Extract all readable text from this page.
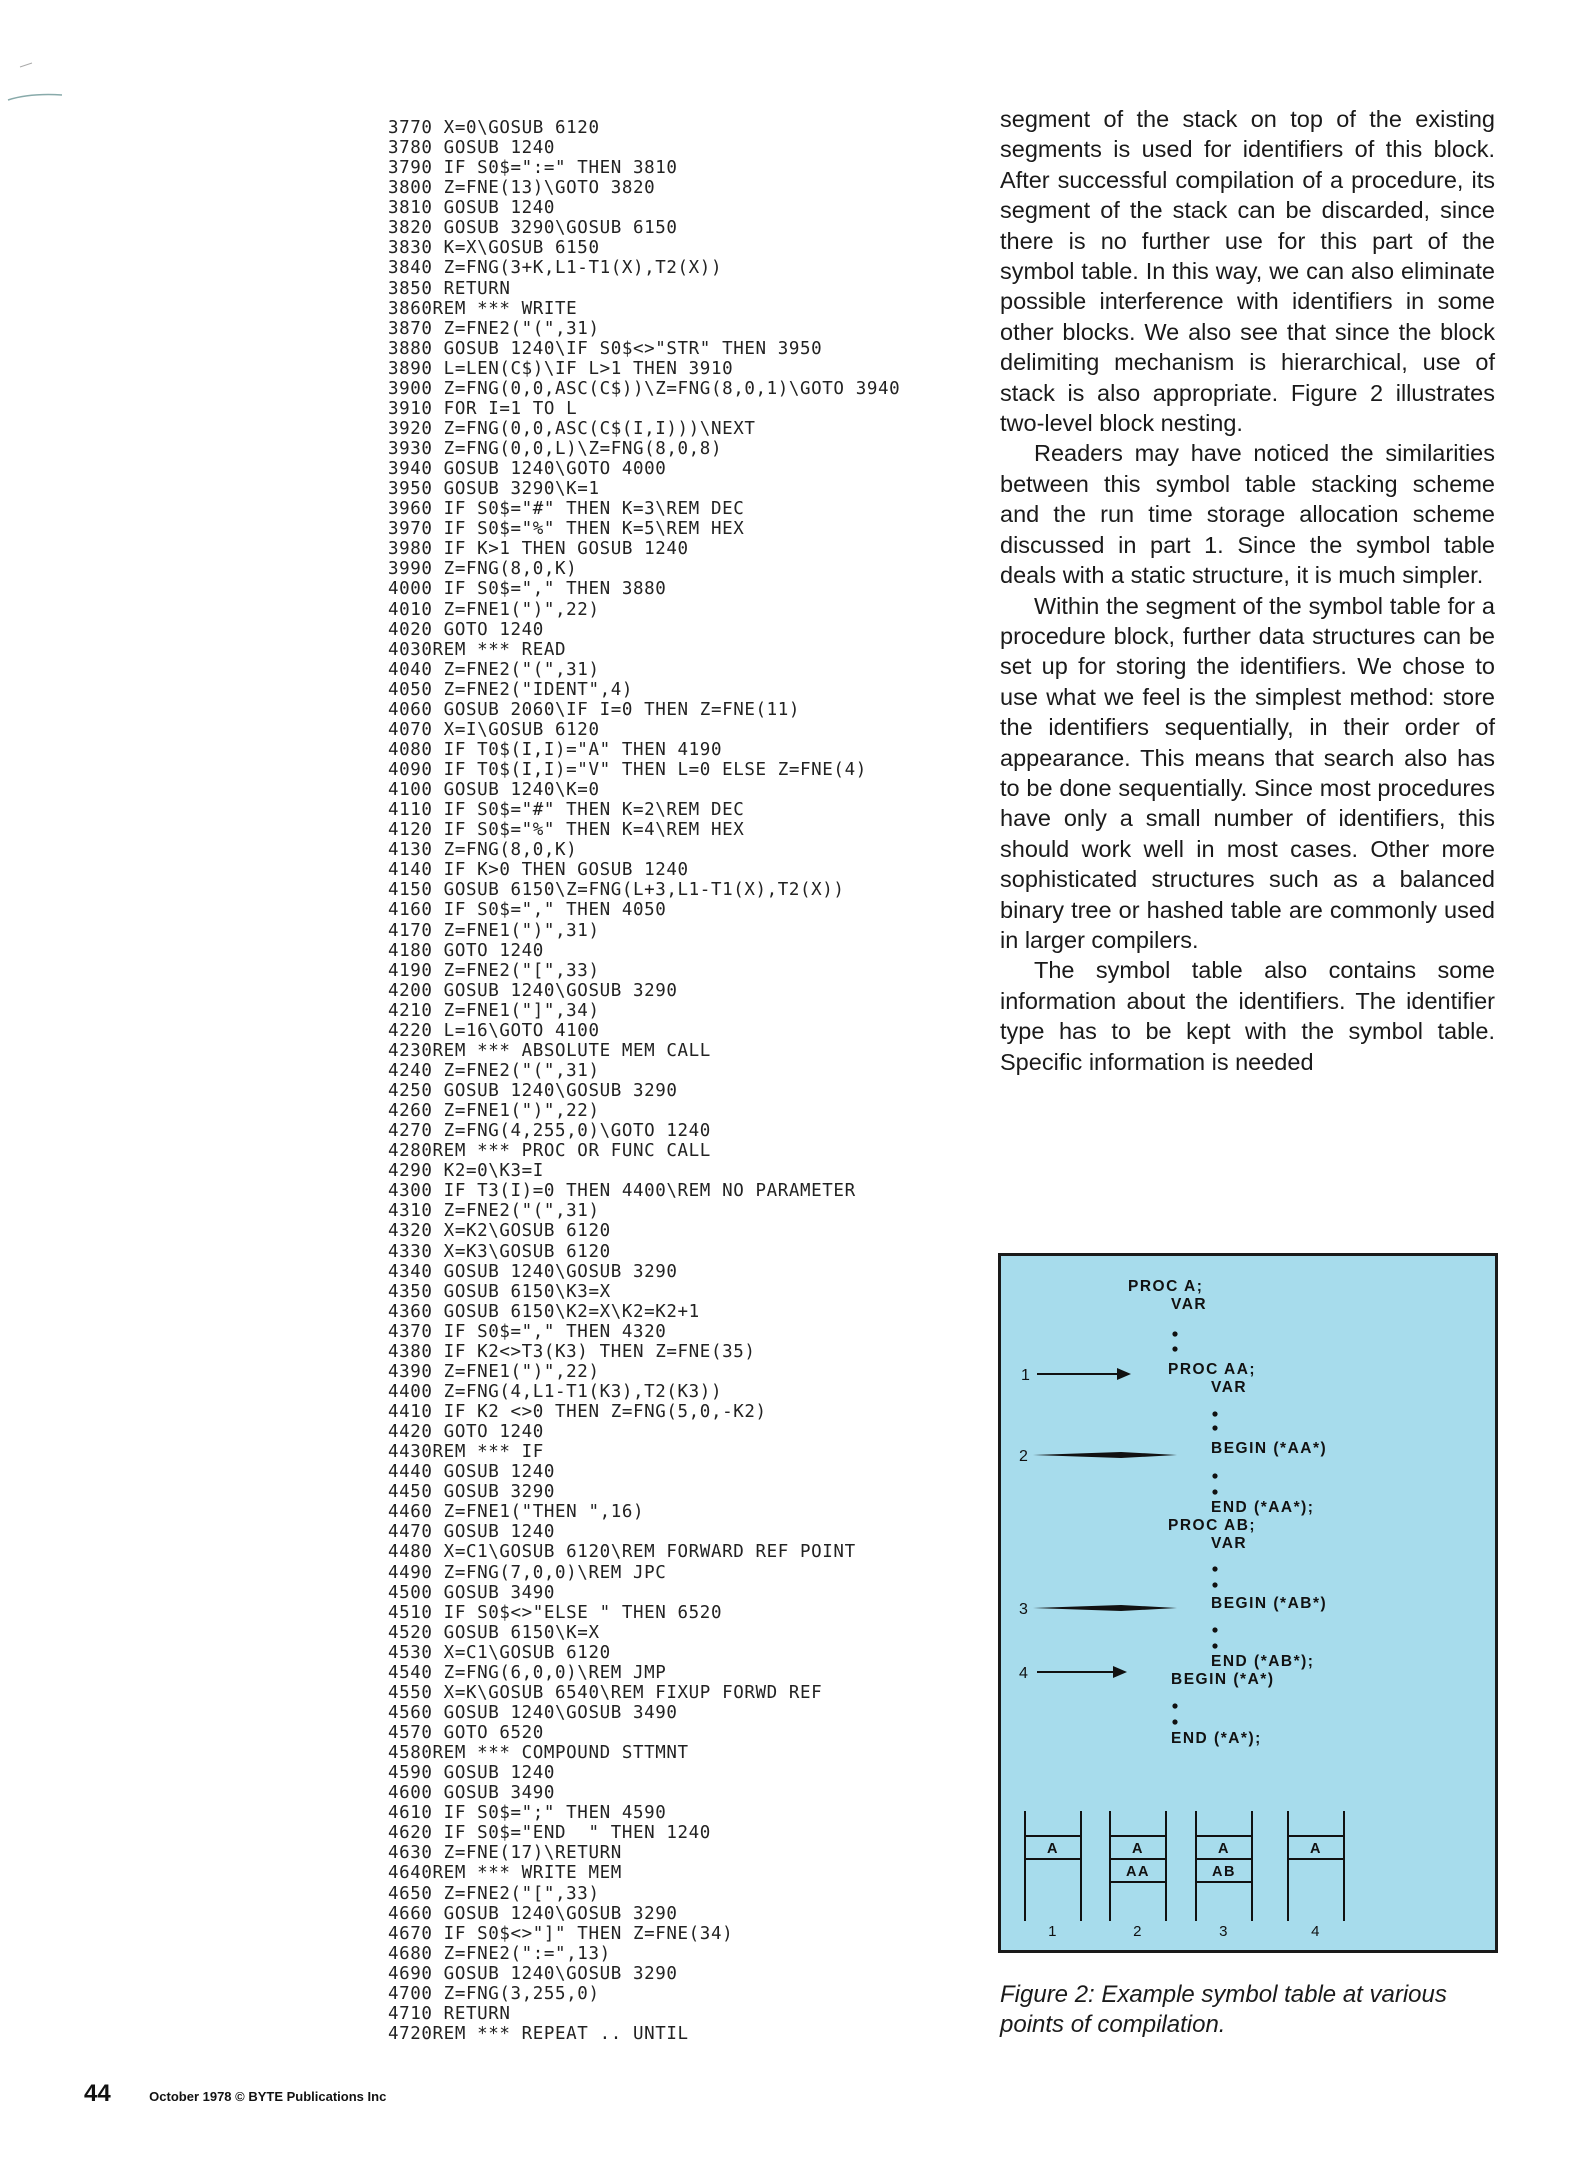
3770 X=0\GOSUB 6120
3780 GOSUB 1240
3790 IF S0$=":=" THEN 3810
3800 Z=FNE(13)\GOTO 3820
3810 GOSUB 1240
3820 GOSUB 3290\GOSUB 6150
3830 K=X\GOSUB 6150
3840 Z=FNG(3+K,L1-T1(X),T2(X))
3850 RETURN
3860REM *** WRITE
3870 Z=FNE2("(",31)
3880 GOSUB 1240\IF S0$<>"STR" THEN 3950
3890 L=LEN(C$)\IF L>1 THEN 3910
3900 Z=FNG(0,0,ASC(C$))\Z=FNG(8,0,1)\GOTO 3940
3910 FOR I=1 TO L
3920 Z=FNG(0,0,ASC(C$(I,I)))\NEXT
3930 Z=FNG(0,0,L)\Z=FNG(8,0,8)
3940 GOSUB 1240\GOTO 4000
3950 GOSUB 3290\K=1
3960 IF S0$="#" THEN K=3\REM DEC
3970 IF S0$="%" THEN K=5\REM HEX
3980 IF K>1 THEN GOSUB 1240
3990 Z=FNG(8,0,K)
4000 IF S0$="," THEN 3880
4010 Z=FNE1(")",22)
4020 GOTO 1240
4030REM *** READ
4040 Z=FNE2("(",31)
4050 Z=FNE2("IDENT",4)
4060 GOSUB 2060\IF I=0 THEN Z=FNE(11)
4070 X=I\GOSUB 6120
4080 IF T0$(I,I)="A" THEN 4190
4090 IF T0$(I,I)="V" THEN L=0 ELSE Z=FNE(4)
4100 GOSUB 1240\K=0
4110 IF S0$="#" THEN K=2\REM DEC
4120 IF S0$="%" THEN K=4\REM HEX
4130 Z=FNG(8,0,K)
4140 IF K>0 THEN GOSUB 1240
4150 GOSUB 6150\Z=FNG(L+3,L1-T1(X),T2(X))
4160 IF S0$="," THEN 4050
4170 Z=FNE1(")",31)
4180 GOTO 1240
4190 Z=FNE2("[",33)
4200 GOSUB 1240\GOSUB 3290
4210 Z=FNE1("]",34)
4220 L=16\GOTO 4100
4230REM *** ABSOLUTE MEM CALL
4240 Z=FNE2("(",31)
4250 GOSUB 1240\GOSUB 3290
4260 Z=FNE1(")",22)
4270 Z=FNG(4,255,0)\GOTO 1240
4280REM *** PROC OR FUNC CALL
4290 K2=0\K3=I
4300 IF T3(I)=0 THEN 4400\REM NO PARAMETER
4310 Z=FNE2("(",31)
4320 X=K2\GOSUB 6120
4330 X=K3\GOSUB 6120
4340 GOSUB 1240\GOSUB 3290
4350 GOSUB 6150\K3=X
4360 GOSUB 6150\K2=X\K2=K2+1
4370 IF S0$="," THEN 4320
4380 IF K2<>T3(K3) THEN Z=FNE(35)
4390 Z=FNE1(")",22)
4400 Z=FNG(4,L1-T1(K3),T2(K3))
4410 IF K2 <>0 THEN Z=FNG(5,0,-K2)
4420 GOTO 1240
4430REM *** IF
4440 GOSUB 1240
4450 GOSUB 3290
4460 Z=FNE1("THEN ",16)
4470 GOSUB 1240
4480 X=C1\GOSUB 6120\REM FORWARD REF POINT
4490 Z=FNG(7,0,0)\REM JPC
4500 GOSUB 3490
4510 IF S0$<>"ELSE " THEN 6520
4520 GOSUB 6150\K=X
4530 X=C1\GOSUB 6120
4540 Z=FNG(6,0,0)\REM JMP
4550 X=K\GOSUB 6540\REM FIXUP FORWD REF
4560 GOSUB 1240\GOSUB 3490
4570 GOTO 6520
4580REM *** COMPOUND STTMNT
4590 GOSUB 1240
4600 GOSUB 3490
4610 IF S0$=";" THEN 4590
4620 IF S0$="END  " THEN 1240
4630 Z=FNE(17)\RETURN
4640REM *** WRITE MEM
4650 Z=FNE2("[",33)
4660 GOSUB 1240\GOSUB 3290
4670 IF S0$<>"]" THEN Z=FNE(34)
4680 Z=FNE2(":=",13)
4690 GOSUB 1240\GOSUB 3290
4700 Z=FNG(3,255,0)
4710 RETURN
4720REM *** REPEAT .. UNTIL

segment of the stack on top of the existing segments is used for identifiers of this block. After successful compilation of a procedure, its segment of the stack can be discarded, since there is no further use for this part of the symbol table. In this way, we can also eliminate possible interference with identifiers in some other blocks. We also see that since the block delimiting mechanism is hierarchical, use of stack is also appropriate. Figure 2 illustrates two-level block nesting.

Readers may have noticed the similarities between this symbol table stacking scheme and the run time storage allocation scheme discussed in part 1. Since the symbol table deals with a static structure, it is much simpler.

Within the segment of the symbol table for a procedure block, further data structures can be set up for storing the identifiers. We chose to use what we feel is the simplest method: store the identifiers sequentially, in their order of appearance. This means that search also has to be done sequentially. Since most procedures have only a small number of identifiers, this should work well in most cases. Other more sophisticated structures such as a balanced binary tree or hashed table are commonly used in larger compilers.

The symbol table also contains some information about the identifiers. The identifier type has to be kept with the symbol table. Specific information is needed

PROC A;
VAR
PROC AA;
VAR
BEGIN (*AA*)
END (*AA*);
PROC AB;
VAR
BEGIN (*AB*)
END (*AB*);
BEGIN (*A*)
END (*A*);
1
2
3
4
A	A
AA
A
AB
A
1	2	3	4
Figure 2: Example symbol table at various points of compilation.
44	October 1978 © BYTE Publications Inc
